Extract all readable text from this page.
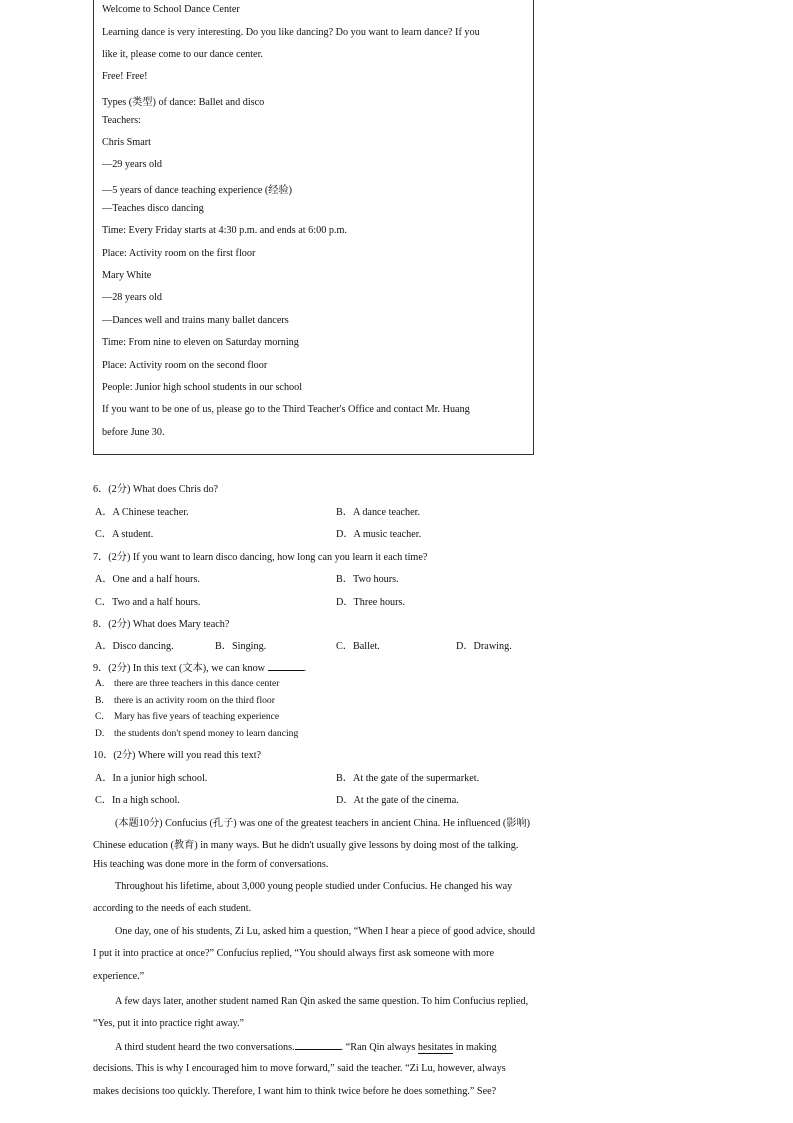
Welcome to School Dance Center
Learning dance is very interesting. Do you like dancing? Do you want to learn dance? If you
like it, please come to our dance center.
Free! Free!
Types (类型) of dance: Ballet and disco
Teachers:
Chris Smart
—29 years old
—5 years of dance teaching experience (经验)
—Teaches disco dancing
Time: Every Friday starts at 4:30 p.m. and ends at 6:00 p.m.
Place: Activity room on the first floor
Mary White
—28 years old
—Dances well and trains many ballet dancers
Time: From nine to eleven on Saturday morning
Place: Activity room on the second floor
People: Junior high school students in our school
If you want to be one of us, please go to the Third Teacher's Office and contact Mr. Huang
before June 30.
6．(2分) What does Chris do?
A．A Chinese teacher.	B．A dance teacher.
C．A student.	D．A music teacher.
7．(2分) If you want to learn disco dancing, how long can you learn it each time?
A．One and a half hours.	B．Two hours.
C．Two and a half hours.	D．Three hours.
8．(2分) What does Mary teach?
A．Disco dancing.	B．Singing.	C．Ballet.	D．Drawing.
9．(2分) In this text (文本), we can know	.
A. there are three teachers in this dance center
B. there is an activity room on the third floor
C. Mary has five years of teaching experience
D. the students don't spend money to learn dancing
10．(2分) Where will you read this text?
A．In a junior high school.	B．At the gate of the supermarket.
C．In a high school.	D．At the gate of the cinema.
(本题10分) Confucius (孔子) was one of the greatest teachers in ancient China. He influenced (影响)
Chinese education (教育) in many ways. But he didn't usually give lessons by doing most of the talking.
His teaching was done more in the form of conversations.
Throughout his lifetime, about 3,000 young people studied under Confucius. He changed his way
according to the needs of each student.
One day, one of his students, Zi Lu, asked him a question, “When I hear a piece of good advice, should
I put it into practice at once?” Confucius replied, “You should always first ask someone with more
experience.”
A few days later, another student named Ran Qin asked the same question. To him Confucius replied,
“Yes, put it into practice right away.”
A third student heard the two conversations.	. “Ran Qin always hesitates in making
decisions. This is why I encouraged him to move forward,” said the teacher. “Zi Lu, however, always
makes decisions too quickly. Therefore, I want him to think twice before he does something.” See?
